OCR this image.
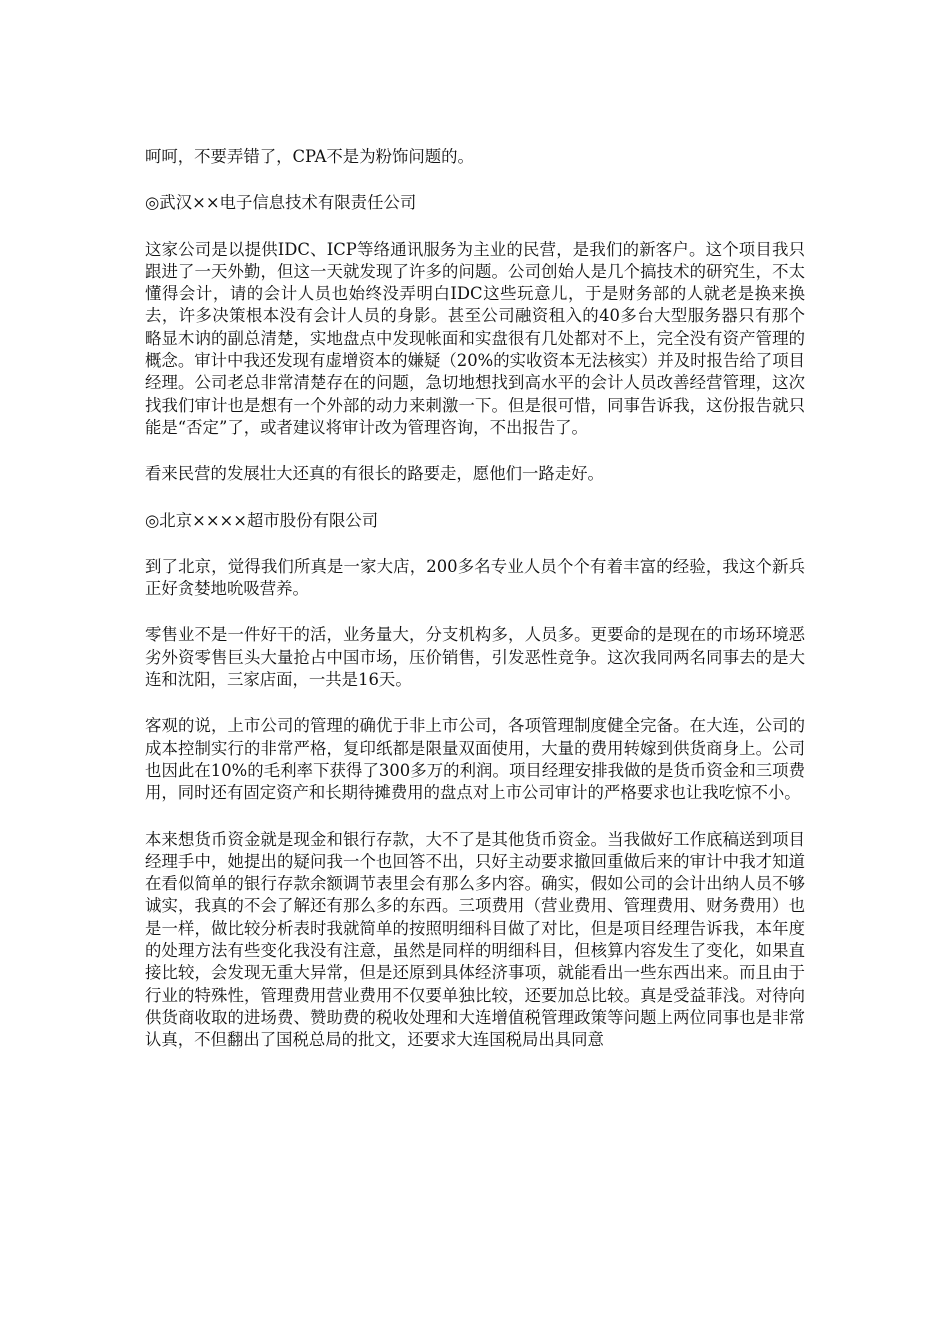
呵呵，不要弄错了，CPA不是为粉饰问题的。

◎武汉××电子信息技术有限责任公司

这家公司是以提供IDC、ICP等络通讯服务为主业的民营，是我们的新客户。这个项目我只跟进了一天外勤，但这一天就发现了许多的问题。公司创始人是几个搞技术的研究生，不太懂得会计，请的会计人员也始终没弄明白IDC这些玩意儿，于是财务部的人就老是换来换去，许多决策根本没有会计人员的身影。甚至公司融资租入的40多台大型服务器只有那个略显木讷的副总清楚，实地盘点中发现帐面和实盘很有几处都对不上，完全没有资产管理的概念。审计中我还发现有虚增资本的嫌疑（20%的实收资本无法核实）并及时报告给了项目经理。公司老总非常清楚存在的问题，急切地想找到高水平的会计人员改善经营管理，这次找我们审计也是想有一个外部的动力来刺激一下。但是很可惜，同事告诉我，这份报告就只能是“否定”了，或者建议将审计改为管理咨询，不出报告了。

看来民营的发展壮大还真的有很长的路要走，愿他们一路走好。

◎北京××××超市股份有限公司

到了北京，觉得我们所真是一家大店，200多名专业人员个个有着丰富的经验，我这个新兵正好贪婪地吮吸营养。

零售业不是一件好干的活，业务量大，分支机构多，人员多。更要命的是现在的市场环境恶劣外资零售巨头大量抢占中国市场，压价销售，引发恶性竞争。这次我同两名同事去的是大连和沈阳，三家店面，一共是16天。

客观的说，上市公司的管理的确优于非上市公司，各项管理制度健全完备。在大连，公司的成本控制实行的非常严格，复印纸都是限量双面使用，大量的费用转嫁到供货商身上。公司也因此在10%的毛利率下获得了300多万的利润。项目经理安排我做的是货币资金和三项费用，同时还有固定资产和长期待摊费用的盘点对上市公司审计的严格要求也让我吃惊不小。

本来想货币资金就是现金和银行存款，大不了是其他货币资金。当我做好工作底稿送到项目经理手中，她提出的疑问我一个也回答不出，只好主动要求撤回重做后来的审计中我才知道在看似简单的银行存款余额调节表里会有那么多内容。确实，假如公司的会计出纳人员不够诚实，我真的不会了解还有那么多的东西。三项费用（营业费用、管理费用、财务费用）也是一样，做比较分析表时我就简单的按照明细科目做了对比，但是项目经理告诉我，本年度的处理方法有些变化我没有注意，虽然是同样的明细科目，但核算内容发生了变化，如果直接比较，会发现无重大异常，但是还原到具体经济事项，就能看出一些东西出来。而且由于行业的特殊性，管理费用营业费用不仅要单独比较，还要加总比较。真是受益菲浅。对待向供货商收取的进场费、赞助费的税收处理和大连增值税管理政策等问题上两位同事也是非常认真，不但翻出了国税总局的批文，还要求大连国税局出具同意
